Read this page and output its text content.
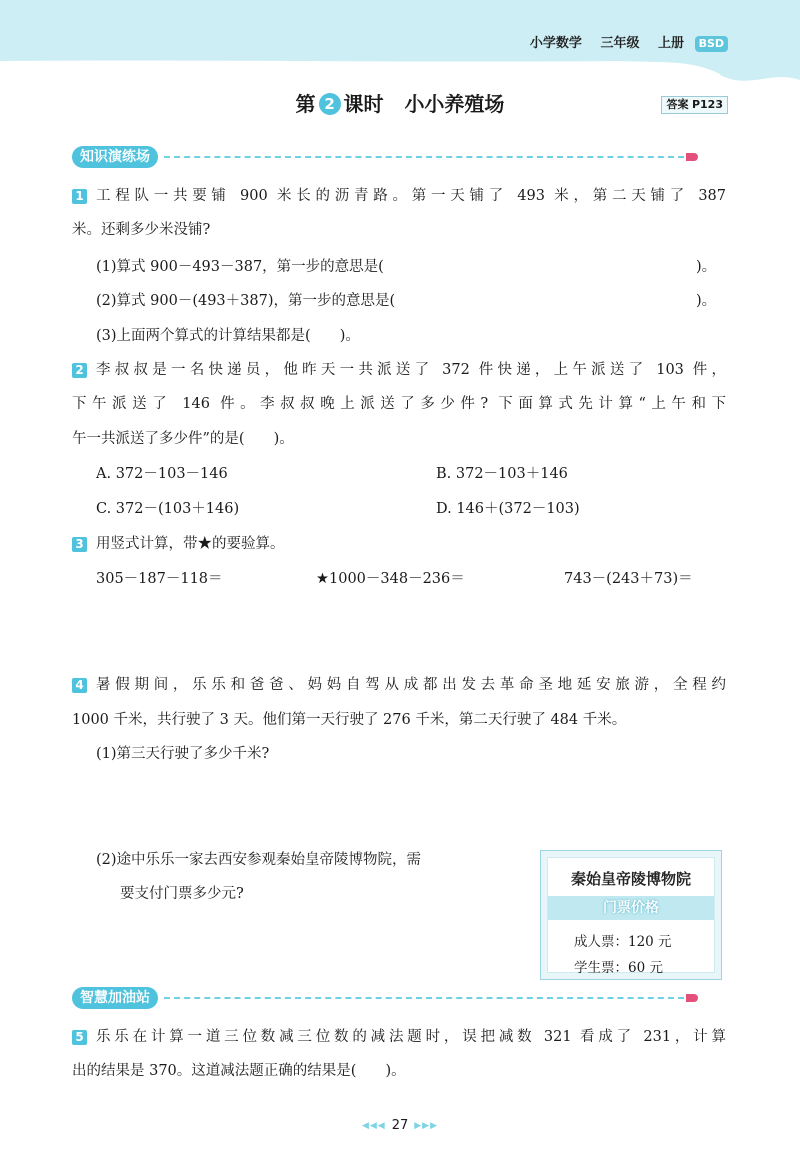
小学数学 三年级 上册 BSD
第 2 课时 小小养殖场	答案 P123
知识演练场
1 工程队一共要铺 900 米长的沥青路。第一天铺了 493 米，第二天铺了 387
米。还剩多少米没铺?
(1)算式 900－493－387，第一步的意思是(	)。
(2)算式 900－(493＋387)，第一步的意思是(	)。
(3)上面两个算式的计算结果都是(　　)。
2 李叔叔是一名快递员，他昨天一共派送了 372 件快递，上午派送了 103 件，
下午派送了 146 件。李叔叔晚上派送了多少件? 下面算式先计算“上午和下
午一共派送了多少件”的是(　　)。
A. 372－103－146	B. 372－103＋146
C. 372－(103＋146)	D. 146＋(372－103)
3 用竖式计算，带★的要验算。
305－187－118＝	★1000－348－236＝	743－(243＋73)＝
4 暑假期间，乐乐和爸爸、妈妈自驾从成都出发去革命圣地延安旅游，全程约
1000 千米，共行驶了 3 天。他们第一天行驶了 276 千米，第二天行驶了 484 千米。
(1)第三天行驶了多少千米?
(2)途中乐乐一家去西安参观秦始皇帝陵博物院，需
要支付门票多少元?
秦始皇帝陵博物院
门票价格
成人票：120 元
学生票：60 元
智慧加油站
5 乐乐在计算一道三位数减三位数的减法题时，误把减数 321 看成了 231，计算
出的结果是 370。这道减法题正确的结果是(　　)。
◀◀◀ 27 ▶▶▶
